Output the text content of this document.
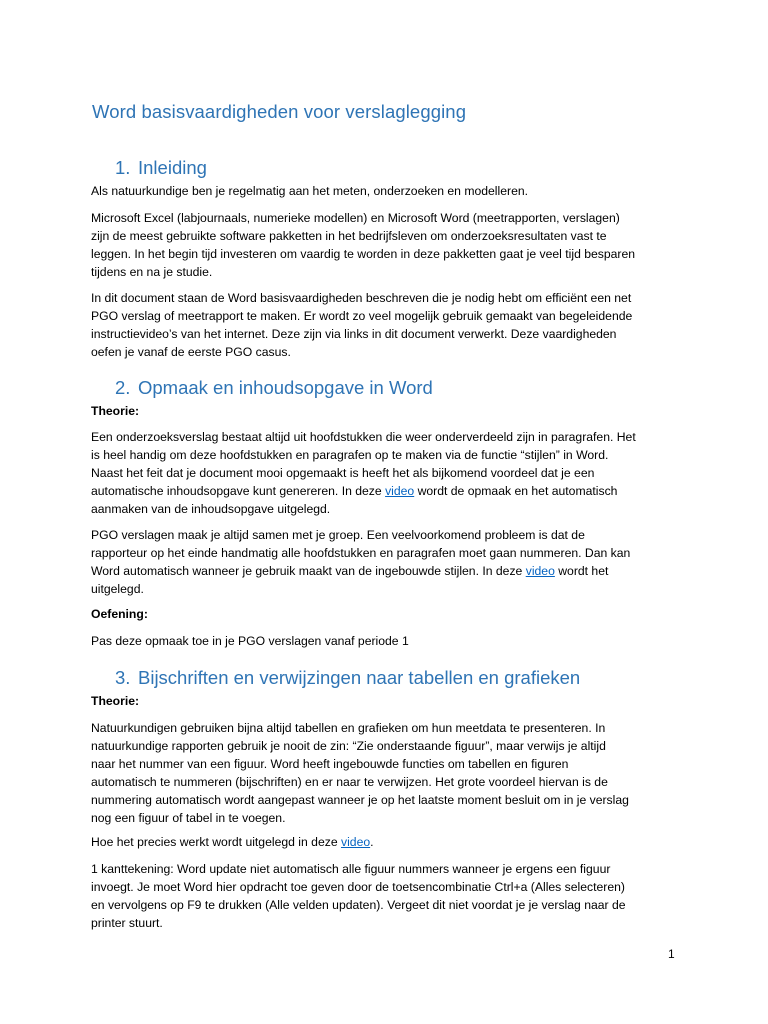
Word basisvaardigheden voor verslaglegging
1. Inleiding

Als natuurkundige ben je regelmatig aan het meten, onderzoeken en modelleren.

Microsoft Excel (labjournaals, numerieke modellen) en Microsoft Word (meetrapporten, verslagen)
zijn de meest gebruikte software pakketten in het bedrijfsleven om onderzoeksresultaten vast te
leggen. In het begin tijd investeren om vaardig te worden in deze pakketten gaat je veel tijd besparen
tijdens en na je studie.

In dit document staan de Word basisvaardigheden beschreven die je nodig hebt om efficiënt een net
PGO verslag of meetrapport te maken. Er wordt zo veel mogelijk gebruik gemaakt van begeleidende
instructievideo’s van het internet. Deze zijn via links in dit document verwerkt. Deze vaardigheden
oefen je vanaf de eerste PGO casus.

2. Opmaak en inhoudsopgave in Word

Theorie:

Een onderzoeksverslag bestaat altijd uit hoofdstukken die weer onderverdeeld zijn in paragrafen. Het
is heel handig om deze hoofdstukken en paragrafen op te maken via de functie “stijlen” in Word.
Naast het feit dat je document mooi opgemaakt is heeft het als bijkomend voordeel dat je een
automatische inhoudsopgave kunt genereren. In deze video wordt de opmaak en het automatisch
aanmaken van de inhoudsopgave uitgelegd.

PGO verslagen maak je altijd samen met je groep. Een veelvoorkomend probleem is dat de
rapporteur op het einde handmatig alle hoofdstukken en paragrafen moet gaan nummeren. Dan kan
Word automatisch wanneer je gebruik maakt van de ingebouwde stijlen. In deze video wordt het
uitgelegd.

Oefening:

Pas deze opmaak toe in je PGO verslagen vanaf periode 1

3. Bijschriften en verwijzingen naar tabellen en grafieken

Theorie:

Natuurkundigen gebruiken bijna altijd tabellen en grafieken om hun meetdata te presenteren. In
natuurkundige rapporten gebruik je nooit de zin: “Zie onderstaande figuur”, maar verwijs je altijd
naar het nummer van een figuur. Word heeft ingebouwde functies om tabellen en figuren
automatisch te nummeren (bijschriften) en er naar te verwijzen. Het grote voordeel hiervan is de
nummering automatisch wordt aangepast wanneer je op het laatste moment besluit om in je verslag
nog een figuur of tabel in te voegen.

Hoe het precies werkt wordt uitgelegd in deze video.

1 kanttekening: Word update niet automatisch alle figuur nummers wanneer je ergens een figuur
invoegt. Je moet Word hier opdracht toe geven door de toetsencombinatie Ctrl+a (Alles selecteren)
en vervolgens op F9 te drukken (Alle velden updaten). Vergeet dit niet voordat je je verslag naar de
printer stuurt.

1
